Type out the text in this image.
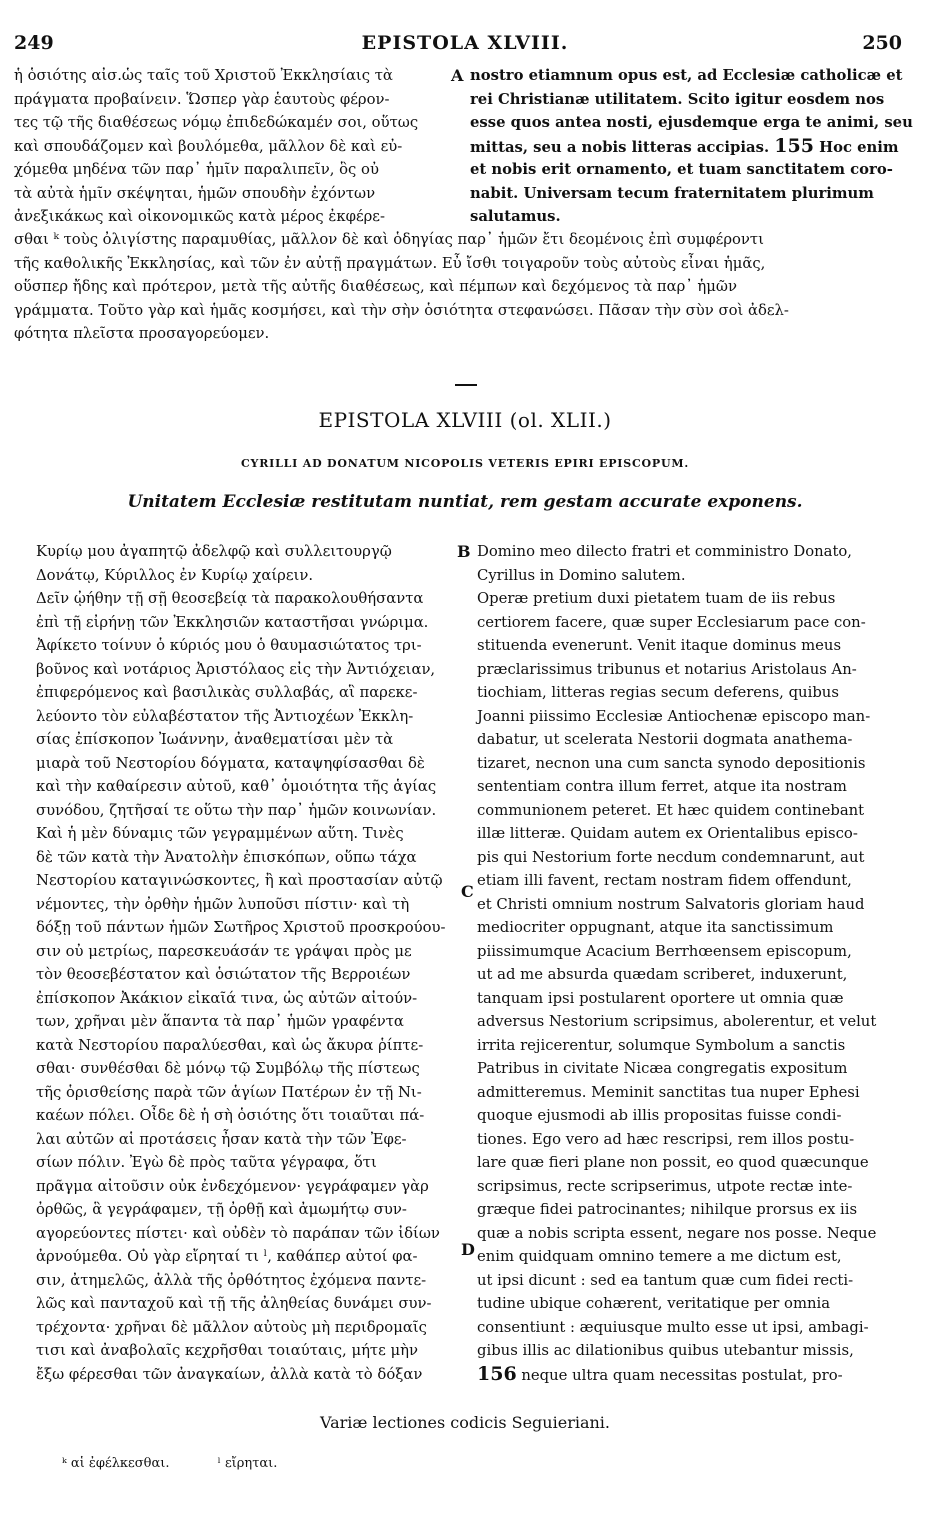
249	EPISTOLA XLVIII.	250
ἡ ὁσιότης αἰσ.ὡς ταῖς τοῦ Χριστοῦ Ἐκκλησίαις τὰ
πράγματα προβαίνειν. Ὥσπερ γὰρ ἑαυτοὺς φέρον-
τες τῷ τῆς διαθέσεως νόμῳ ἐπιδεδώκαμέν σοι, οὕτως
καὶ σπουδάζομεν καὶ βουλόμεθα, μᾶλλον δὲ καὶ εὐ-
χόμεθα μηδένα τῶν παρ᾽ ἡμῖν παραλιπεῖν, ὃς οὐ
τὰ αὐτὰ ἡμῖν σκέψηται, ἡμῶν σπουδὴν ἐχόντων
ἀνεξικάκως καὶ οἰκονομικῶς κατὰ μέρος ἐκφέρε-
A nostro etiamnum opus est, ad Ecclesiæ catholicæ et
rei Christianæ utilitatem. Scito igitur eosdem nos
esse quos antea nosti, ejusdemque erga te animi, seu
mittas, seu a nobis litteras accipias. 155 Hoc enim
et nobis erit ornamento, et tuam sanctitatem coro-
nabit. Universam tecum fraternitatem plurimum
salutamus.
σθαι ᵏ τοὺς ὀλιγίστης παραμυθίας, μᾶλλον δὲ καὶ ὁδηγίας παρ᾽ ἡμῶν ἔτι δεομένοις ἐπὶ συμφέροντι
τῆς καθολικῆς Ἐκκλησίας, καὶ τῶν ἐν αὐτῇ πραγμάτων. Εὖ ἴσθι τοιγαροῦν τοὺς αὐτοὺς εἶναι ἡμᾶς,
οὕσπερ ἤδης καὶ πρότερον, μετὰ τῆς αὐτῆς διαθέσεως, καὶ πέμπων καὶ δεχόμενος τὰ παρ᾽ ἡμῶν
γράμματα. Τοῦτο γὰρ καὶ ἡμᾶς κοσμήσει, καὶ τὴν σὴν ὁσιότητα στεφανώσει. Πᾶσαν τὴν σὺν σοὶ ἀδελ-
φότητα πλεῖστα προσαγορεύομεν.
EPISTOLA XLVIII (ol. XLII.)
CYRILLI AD DONATUM NICOPOLIS VETERIS EPIRI EPISCOPUM.
Unitatem Ecclesiæ restitutam nuntiat, rem gestam accurate exponens.
Κυρίῳ μου ἀγαπητῷ ἀδελφῷ καὶ συλλειτουργῷ
Δονάτῳ, Κύριλλος ἐν Κυρίῳ χαίρειν.
Δεῖν ᾠήθην τῇ σῇ θεοσεβείᾳ τὰ παρακολουθήσαντα
ἐπὶ τῇ εἰρήνῃ τῶν Ἐκκλησιῶν καταστῆσαι γνώριμα.
Ἀφίκετο τοίνυν ὁ κύριός μου ὁ θαυμασιώτατος τρι-
βοῦνος καὶ νοτάριος Ἀριστόλαος εἰς τὴν Ἀντιόχειαν,
ἐπιφερόμενος καὶ βασιλικὰς συλλαβάς, αἳ παρεκε-
λεύοντο τὸν εὐλαβέστατον τῆς Ἀντιοχέων Ἐκκλη-
σίας ἐπίσκοπον Ἰωάννην, ἀναθεματίσαι μὲν τὰ
μιαρὰ τοῦ Νεστορίου δόγματα, καταψηφίσασθαι δὲ
καὶ τὴν καθαίρεσιν αὐτοῦ, καθ᾽ ὁμοιότητα τῆς ἁγίας
συνόδου, ζητῆσαί τε οὕτω τὴν παρ᾽ ἡμῶν κοινωνίαν.
Καὶ ἡ μὲν δύναμις τῶν γεγραμμένων αὕτη. Τινὲς
δὲ τῶν κατὰ τὴν Ἀνατολὴν ἐπισκόπων, οὕπω τάχα
Νεστορίου καταγινώσκοντες, ἢ καὶ προστασίαν αὐτῷ
νέμοντες, τὴν ὀρθὴν ἡμῶν λυποῦσι πίστιν· καὶ τὴ
δόξῃ τοῦ πάντων ἡμῶν Σωτῆρος Χριστοῦ προσκρούου-
σιν οὐ μετρίως, παρεσκευάσάν τε γράψαι πρὸς με
τὸν θεοσεβέστατον καὶ ὁσιώτατον τῆς Βερροιέων
ἐπίσκοπον Ἀκάκιον εἰκαῖά τινα, ὡς αὐτῶν αἰτούν-
των, χρῆναι μὲν ἅπαντα τὰ παρ᾽ ἡμῶν γραφέντα
κατὰ Νεστορίου παραλύεσθαι, καὶ ὡς ἄκυρα ῥίπτε-
σθαι· συνθέσθαι δὲ μόνῳ τῷ Συμβόλῳ τῆς πίστεως
τῆς ὁρισθείσης παρὰ τῶν ἁγίων Πατέρων ἐν τῇ Νι-
καέων πόλει. Οἶδε δὲ ἡ σὴ ὁσιότης ὅτι τοιαῦται πά-
λαι αὐτῶν αἱ προτάσεις ἦσαν κατὰ τὴν τῶν Ἐφε-
σίων πόλιν. Ἐγὼ δὲ πρὸς ταῦτα γέγραφα, ὅτι
πρᾶγμα αἰτοῦσιν οὐκ ἐνδεχόμενον· γεγράφαμεν γὰρ
ὀρθῶς, ἃ γεγράφαμεν, τῇ ὀρθῇ καὶ ἀμωμήτῳ συν-
αγορεύοντες πίστει· καὶ οὐδὲν τὸ παράπαν τῶν ἰδίων
ἀρνούμεθα. Οὐ γὰρ εἴρηταί τι ˡ, καθάπερ αὐτοί φα-
σιν, ἀτημελῶς, ἀλλὰ τῆς ὀρθότητος ἐχόμενα παντε-
λῶς καὶ πανταχοῦ καὶ τῇ τῆς ἀληθείας δυνάμει συν-
τρέχοντα· χρῆναι δὲ μᾶλλον αὐτοὺς μὴ περιδρομαῖς
τισι καὶ ἀναβολαῖς κεχρῆσθαι τοιαύταις, μήτε μὴν
ἔξω φέρεσθαι τῶν ἀναγκαίων, ἀλλὰ κατὰ τὸ δόξαν
B
C
D
Domino meo dilecto fratri et comministro Donato,
Cyrillus in Domino salutem.
Operæ pretium duxi pietatem tuam de iis rebus
certiorem facere, quæ super Ecclesiarum pace con-
stituenda evenerunt. Venit itaque dominus meus
præclarissimus tribunus et notarius Aristolaus An-
tiochiam, litteras regias secum deferens, quibus
Joanni piissimo Ecclesiæ Antiochenæ episcopo man-
dabatur, ut scelerata Nestorii dogmata anathema-
tizaret, necnon una cum sancta synodo depositionis
sententiam contra illum ferret, atque ita nostram
communionem peteret. Et hæc quidem continebant
illæ litteræ. Quidam autem ex Orientalibus episco-
pis qui Nestorium forte necdum condemnarunt, aut
etiam illi favent, rectam nostram fidem offendunt,
et Christi omnium nostrum Salvatoris gloriam haud
mediocriter oppugnant, atque ita sanctissimum
piissimumque Acacium Berrhœensem episcopum,
ut ad me absurda quædam scriberet, induxerunt,
tanquam ipsi postularent oportere ut omnia quæ
adversus Nestorium scripsimus, abolerentur, et velut
irrita rejicerentur, solumque Symbolum a sanctis
Patribus in civitate Nicæa congregatis expositum
admitteremus. Meminit sanctitas tua nuper Ephesi
quoque ejusmodi ab illis propositas fuisse condi-
tiones. Ego vero ad hæc rescripsi, rem illos postu-
lare quæ fieri plane non possit, eo quod quæcunque
scripsimus, recte scripserimus, utpote rectæ inte-
græque fidei patrocinantes; nihilque prorsus ex iis
quæ a nobis scripta essent, negare nos posse. Neque
enim quidquam omnino temere a me dictum est,
ut ipsi dicunt : sed ea tantum quæ cum fidei recti-
tudine ubique cohærent, veritatique per omnia
consentiunt : æquiusque multo esse ut ipsi, ambagi-
gibus illis ac dilationibus quibus utebantur missis,
156 neque ultra quam necessitas postulat, pro-
Variæ lectiones codicis Seguieriani.
ᵏ αἱ ἐφέλκεσθαι.	ˡ εἴρηται.
